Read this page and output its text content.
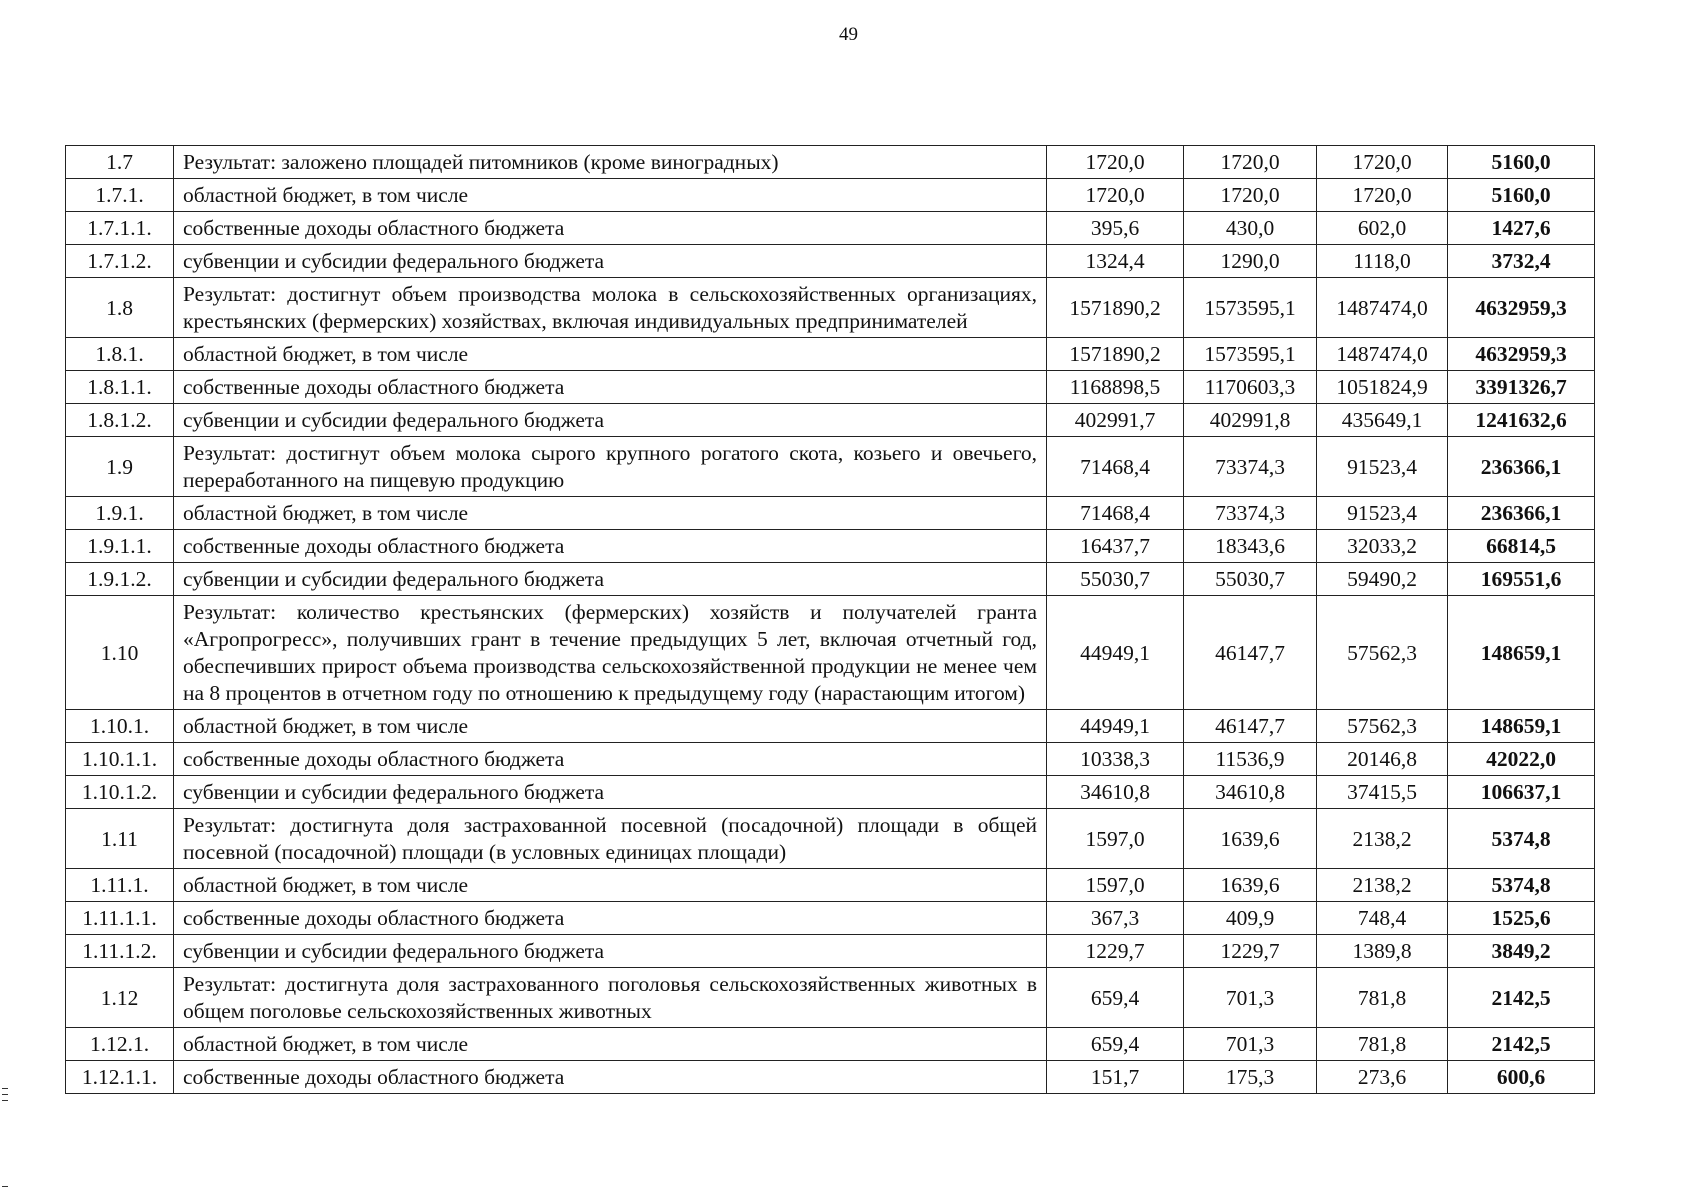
49
1.7	Результат: заложено площадей питомников (кроме виноградных)	1720,0	1720,0	1720,0	5160,0
1.7.1.	областной бюджет, в том числе	1720,0	1720,0	1720,0	5160,0
1.7.1.1.	собственные доходы областного бюджета	395,6	430,0	602,0	1427,6
1.7.1.2.	субвенции и субсидии федерального бюджета	1324,4	1290,0	1118,0	3732,4
1.8	Результат: достигнут объем производства молока в сельскохозяйственных организациях, крестьянских (фермерских) хозяйствах, включая индивидуальных предпринимателей	1571890,2	1573595,1	1487474,0	4632959,3
1.8.1.	областной бюджет, в том числе	1571890,2	1573595,1	1487474,0	4632959,3
1.8.1.1.	собственные доходы областного бюджета	1168898,5	1170603,3	1051824,9	3391326,7
1.8.1.2.	субвенции и субсидии федерального бюджета	402991,7	402991,8	435649,1	1241632,6
1.9	Результат: достигнут объем молока сырого крупного рогатого скота, козьего и овечьего, переработанного на пищевую продукцию	71468,4	73374,3	91523,4	236366,1
1.9.1.	областной бюджет, в том числе	71468,4	73374,3	91523,4	236366,1
1.9.1.1.	собственные доходы областного бюджета	16437,7	18343,6	32033,2	66814,5
1.9.1.2.	субвенции и субсидии федерального бюджета	55030,7	55030,7	59490,2	169551,6
1.10	Результат: количество крестьянских (фермерских) хозяйств и получателей гранта «Агропрогресс», получивших грант в течение предыдущих 5 лет, включая отчетный год, обеспечивших прирост объема производства сельскохозяйственной продукции не менее чем на 8 процентов в отчетном году по отношению к предыдущему году (нарастающим итогом)	44949,1	46147,7	57562,3	148659,1
1.10.1.	областной бюджет, в том числе	44949,1	46147,7	57562,3	148659,1
1.10.1.1.	собственные доходы областного бюджета	10338,3	11536,9	20146,8	42022,0
1.10.1.2.	субвенции и субсидии федерального бюджета	34610,8	34610,8	37415,5	106637,1
1.11	Результат: достигнута доля застрахованной посевной (посадочной) площади в общей посевной (посадочной) площади (в условных единицах площади)	1597,0	1639,6	2138,2	5374,8
1.11.1.	областной бюджет, в том числе	1597,0	1639,6	2138,2	5374,8
1.11.1.1.	собственные доходы областного бюджета	367,3	409,9	748,4	1525,6
1.11.1.2.	субвенции и субсидии федерального бюджета	1229,7	1229,7	1389,8	3849,2
1.12	Результат: достигнута доля застрахованного поголовья сельскохозяйственных животных в общем поголовье сельскохозяйственных животных	659,4	701,3	781,8	2142,5
1.12.1.	областной бюджет, в том числе	659,4	701,3	781,8	2142,5
1.12.1.1.	собственные доходы областного бюджета	151,7	175,3	273,6	600,6
